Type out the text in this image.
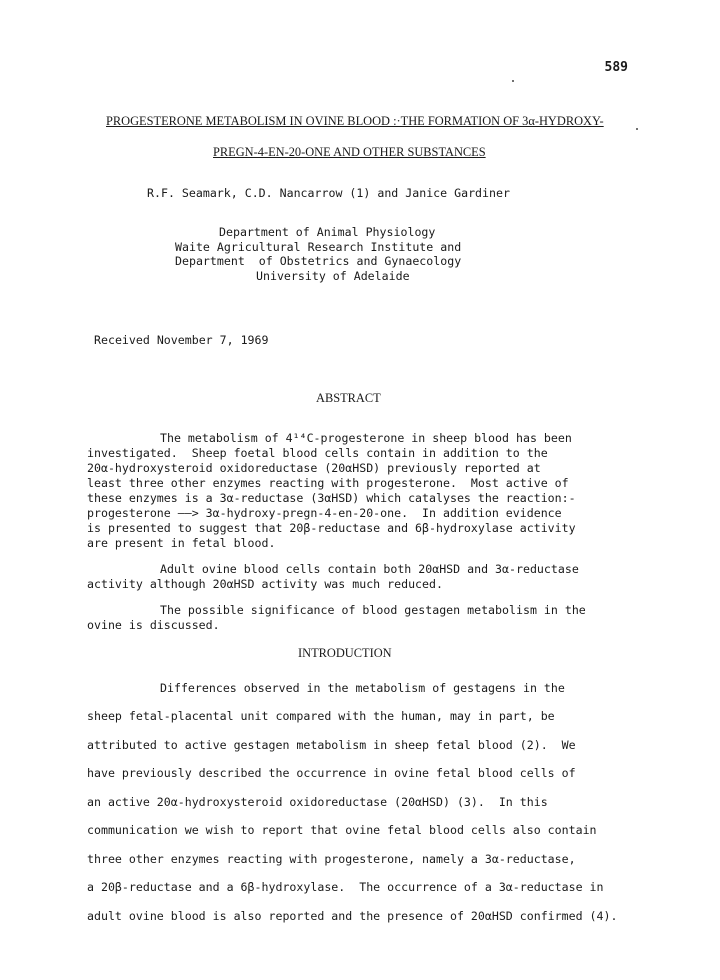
589
PROGESTERONE METABOLISM IN OVINE BLOOD :·THE FORMATION OF 3α-HYDROXY-
PREGN-4-EN-20-ONE AND OTHER SUBSTANCES
R.F. Seamark, C.D. Nancarrow (1) and Janice Gardiner
Department of Animal Physiology
Waite Agricultural Research Institute and
Department  of Obstetrics and Gynaecology
University of Adelaide
Received November 7, 1969
ABSTRACT
The metabolism of 4¹⁴C-progesterone in sheep blood has been
investigated.  Sheep foetal blood cells contain in addition to the
20α-hydroxysteroid oxidoreductase (20αHSD) previously reported at
least three other enzymes reacting with progesterone.  Most active of
these enzymes is a 3α-reductase (3αHSD) which catalyses the reaction:-
progesterone ——> 3α-hydroxy-pregn-4-en-20-one.  In addition evidence
is presented to suggest that 20β-reductase and 6β-hydroxylase activity
are present in fetal blood.
Adult ovine blood cells contain both 20αHSD and 3α-reductase
activity although 20αHSD activity was much reduced.
The possible significance of blood gestagen metabolism in the
ovine is discussed.
INTRODUCTION
Differences observed in the metabolism of gestagens in the
sheep fetal-placental unit compared with the human, may in part, be
attributed to active gestagen metabolism in sheep fetal blood (2).  We
have previously described the occurrence in ovine fetal blood cells of
an active 20α-hydroxysteroid oxidoreductase (20αHSD) (3).  In this
communication we wish to report that ovine fetal blood cells also contain
three other enzymes reacting with progesterone, namely a 3α-reductase,
a 20β-reductase and a 6β-hydroxylase.  The occurrence of a 3α-reductase in
adult ovine blood is also reported and the presence of 20αHSD confirmed (4).
